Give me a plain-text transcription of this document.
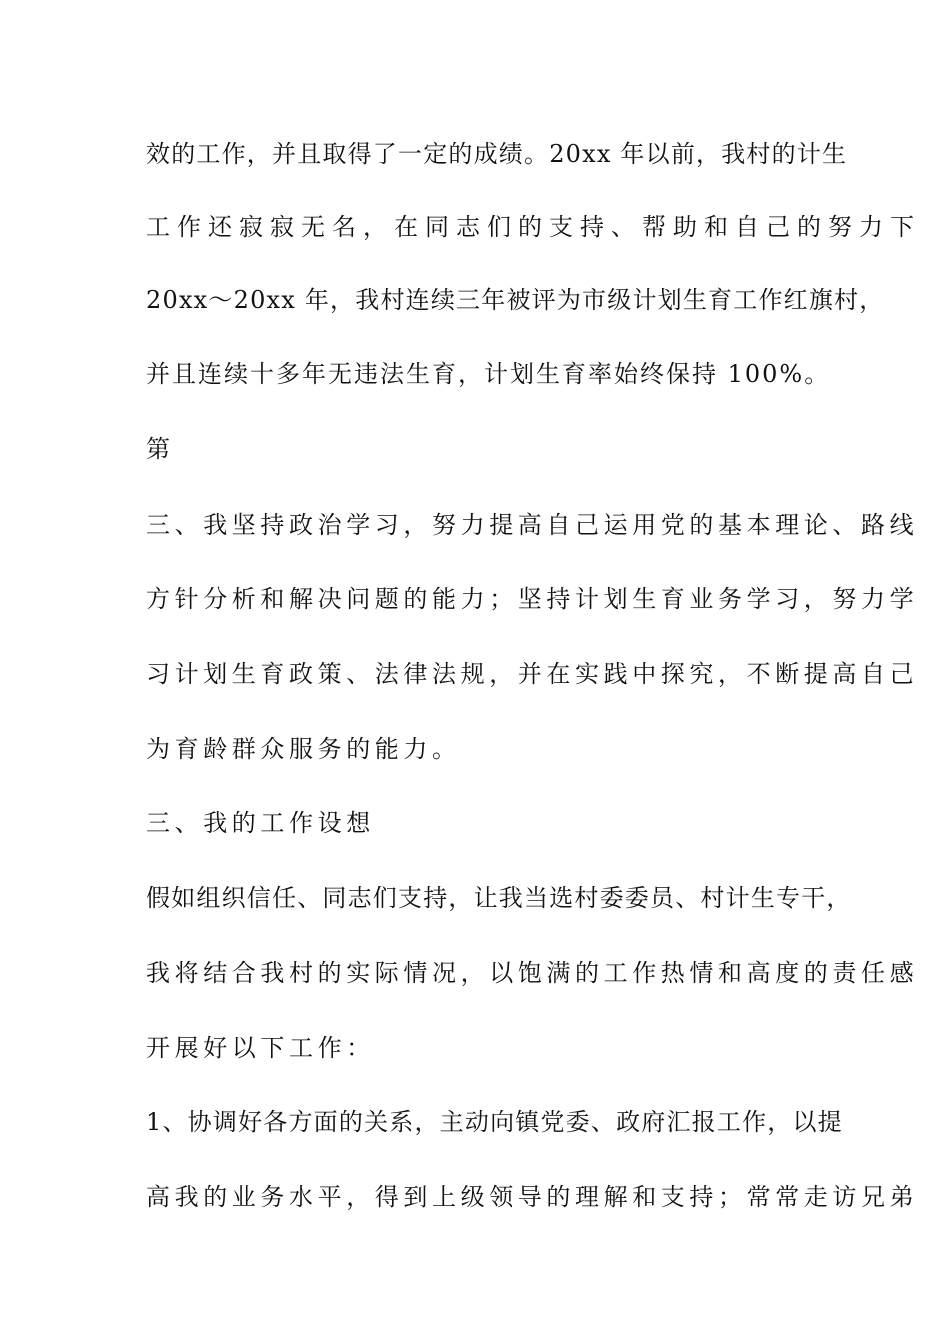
效的工作，并且取得了一定的成绩。20xx 年以前，我村的计生
工作还寂寂无名，在同志们的支持、帮助和自己的努力下
20xx～20xx 年，我村连续三年被评为市级计划生育工作红旗村，
并且连续十多年无违法生育，计划生育率始终保持 100%。
第
三、我坚持政治学习，努力提高自己运用党的基本理论、路线
方针分析和解决问题的能力；坚持计划生育业务学习，努力学
习计划生育政策、法律法规，并在实践中探究，不断提高自己
为育龄群众服务的能力。
三、我的工作设想
假如组织信任、同志们支持，让我当选村委委员、村计生专干，
我将结合我村的实际情况，以饱满的工作热情和高度的责任感
开展好以下工作：
1、协调好各方面的关系，主动向镇党委、政府汇报工作，以提
高我的业务水平，得到上级领导的理解和支持；常常走访兄弟
